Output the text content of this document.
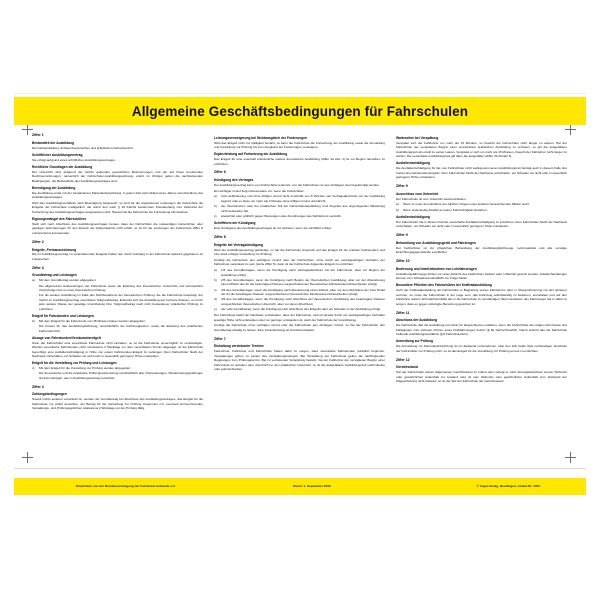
Allgemeine Geschäftsbedingungen für Fahrschulen
Ziffer 1
Bestandteil der Ausbildung

Die Fahrausbildung umfasst theoretischen und praktischen Fahrunterricht.

Schriftlicher Ausbildungsvertrag

Sie erfolgt aufgrund eines schriftlichen Ausbildungsvertrages.

Rechtliche Grundlagen der Ausbildung

Der Unterricht wird aufgrund der hierfür geltenden gesetzlichen Bestimmungen und der auf ihnen beruhenden Rechtsverordnungen, namentlich der Fahrschüler-Ausbildungsordnung, erteilt, im Übrigen gelten die nachstehenden Bedingungen, die Bestandteile des Ausbildungsvertrages sind.

Beendigung der Ausbildung

Die Ausbildung endet mit der bestandenen Fahrerlaubnisprüfung, in jedem Fall nach Ablauf eines Jahres seit Abschluss des Ausbildungsvertrages.

Wird das Ausbildungsverhältnis nach Beendigung fortgesetzt, so sind für die angebotenen Leistungen die Fahrschule die Entgelte der Fahrschule maßgeblich, die durch den nach § 19 FahrlG bestimmten Preisaushang zum Zeitpunkt der Fortsetzung des Ausbildungsvertrages ausgewiesen sind. Hierauf hat die Fahrschule bei Fortsetzung hinzuweisen.

Eignungsmängel des Fahrschülers

Stellt sich nach Abschluss des Ausbildungsvertrages heraus, dass der Fahrschüler die notwendigen körperlichen oder geistigen Anforderungen für den Erwerb der Fahrerlaubnis nicht erfüllt, so ist für die Leistungen der Fahrschule Ziffer 8 entsprechend anzuwenden.

Ziffer 2
Entgelte, Preisauszeichnung

Die im Ausbildungsvertrag zu vereinbarenden Entgelte haben den durch Aushang in der Fahrschule bekannt gegebenen zu entsprechen.

Ziffer 3
Grundbetrag und Leistungen
a)	Mit dem Grundbetrag werden abgegolten:
Die allgemeinen Aufwendungen der Fahrschule sowie die Erteilung des theoretischen Unterrichts und erforderliche Vorprüfungen bis zu einer theoretischen Prüfung.
Für die weitere Ausbildung im Falle des Nichtbestehens der theoretischen Prüfung, die die Fahrschule beantragt, der hierfür im Ausbildungsvertrag vereinbarte Teilgrundbetrag. Erstreckt sich die Ausbildung auf mehrere Klassen, so ist für jede weitere Klasse der jeweilige Grundbetrag bzw. Teilgrundbetrag nach nicht bestandener praktischer Prüfung zu entrichten.
Entgelt für Fahrstunden und Leistungen
b)	Mit dem Entgelt für die Fahrstunde von 45 Minuten Dauer werden abgegolten:
Die Kosten für das Ausbildungsfahrzeug, einschließlich der Fahrzeugkosten, sowie die Erteilung des praktischen Fahrunterrichts.
Absage von Fahrstunden/Versäumnisentgelt

Kann der Fahrschüler eine vereinbarte Fahrstunde nicht einhalten, so ist die Fahrschule unverzüglich zu verständigen. Werden vereinbarte Fahrstunden nicht mindestens 2 Werktage vor dem vereinbarten Termin abgesagt, ist die Fahrschule berechtigt, eine Ausfallentschädigung in Höhe von einem Fahrstunden-Entgelt zu verlangen. Dem Fahrschüler bleibt der Nachweis vorbehalten, ein Schaden sei nicht oder in wesentlich geringerer Höhe entstanden.

Entgelt für die Vorstellung zur Prüfung und Leistungen
c)	Mit dem Entgelt für die Vorstellung zur Prüfung werden abgegolten:
Die theoretische und die praktische Prüfungsvorbereitung einschließlich aller Vorbereitungen. Wiederholungsprüfungen sind dem Entgelt, wie im Ausbildungsvertrag vereinbart.
Ziffer 4
Zahlungsbedingungen

Soweit nichts anderes vereinbart ist, werden der Grundbetrag bei Abschluss des Ausbildungsvertrages, das Entgelt für die Fahrstunde vor Antritt derselben, der Betrag für die Vorstellung zur Prüfung zusammen mit, eventuell anzurechnenden Verwaltungs- und Prüfungsgebühren spätestens 2 Werktage vor der Prüfung fällig.

Leistungsverweigerung bei Nichtausgleich der Forderungen

Wird das Entgelt nicht zur Fälligkeit bezahlt, so kann die Fahrschule die Fortsetzung der Ausbildung sowie die Anmeldung und Vorstellung zur Prüfung bis zum Ausgleich der Forderungen verweigern.

Ergänzleistung auf Fortsetzung der Ausbildung

Das Entgelt für eine eventuell erforderliche weitere theoretische Ausbildung (Ziffer 3a Abs. 2) ist vor Beginn derselben zu entrichten.

Ziffer 6
Kündigung des Vertrages

Der Ausbildungsvertrag kann vom Fahrschüler jederzeit, von der Fahrschule nur aus wichtigem Grund gekündigt werden.

Ein wichtiger Grund liegt insbesondere vor, wenn der Fahrschüler:

a)	trotz Aufforderung und ohne triftigen Grund nicht innerhalb von 8 Wochen seit Vertragsabschluss mit der Ausbildung beginnt oder er diese um mehr als 3 Monate ohne triftigen Grund unterbricht,
b)	der theoretischen oder der praktischen Teil der Fahrschülerausbildung trotz Angebot aus ungenügender Mitwirkung nicht bestanden hat,
c)	wiederholt oder gröblich gegen Weisungen oder Anordnungen des Fahrlehrers verstößt.
Schriftform der Kündigung

Eine Kündigung des Ausbildungsvertrages ist nur wirksam, wenn sie schriftlich erfolgt.

Ziffer 8
Entgelte bei Vertragskündigung

Wird der Ausbildungsvertrag gekündigt, so hat die Fahrschule Anspruch auf das Entgelt für die erteilten Fahrstunden und eine etwa erfolgte Vorstellung zur Prüfung.

Kündigt die Fahrschule aus wichtigem Grund oder der Fahrschüler, ohne durch ein vertragswidriges Verhalten der Fahrschule veranlasst zu sein (siehe Ziffer 5), dann ist der Fahrschule folgendes Entgelt zu entrichten:

a)	1/5 des Grundbetrages, wenn die Kündigung nach Vertragsabschluss mit der Fahrschule, aber vor Beginn der Ausbildung erfolgt;
b)	2/5 des Grundbetrages, wenn die Kündigung nach Beginn der theoretischen Ausbildung, aber vor der Absolvierung eines Drittels des für die beantragten Klassen vorgeschriebenen theoretischen Mindestunterrichtseinheiten erfolgt;
c)	3/5 des Grundbetrages, wenn die Kündigung nach Absolvierung eines Drittels, aber vor dem Abschluss der zwei Drittel der für die beantragten Klassen vorgeschriebenen theoretischen Mindestunterrichtseinheiten erfolgt;
d)	4/5 des Grundbetrages, wenn die Kündigung nach Abschluss der theoretischen Ausbildung des beantragten Klassen vorgeschrieben theoretischen Unterricht, aber vor deren Abschluss;
e)	der volle Grundbetrag, wenn die Kündigung nach Abschluss des Entgelts oder ein Schaden in der Ausbildung erfolgt.

Der Fahrschule bleibt der Nachweis vorbehalten, dass der Fahrschule, weil ein Ersatz durch ein vertragswidriges Verhalten jeweilige Höhe nicht entstanden oder nur geringer entstanden ist, steht der Fahrschule der Grundbetrag.

Kündigt die Fahrschule ohne wichtigen Grund oder der Fahrschüler aus wichtigem Grund, so hat der Fahrschüler den Grundbetrag anteilig zu leisten. Eine Vorausleistung ist zurückzuerstatten.

Ziffer 7
Einhaltung vereinbarter Termine

Fahrschule, Fahrlehrer und Fahrschüler haben dafür zu sorgen, dass vereinbarte Fahrstunden pünktlich beginnen. Verspätungen gehen zu Lasten des Verspätungsmangels. Bei Verspätung der Fahrschule gelten die nachfolgenden Regelungen zum Prüfungstermin. Bei zu vertretender Verspätung besteht, hat der Fahrlehrer der verspäteten Beginn einer Fahrstunde zu verteilen oder unterbricht er den praktischen Unterricht, so ist die ausgefallene Ausbildungszeit nachzuholen oder gutzuschreiben.

Wartezeiten bei Verspätung

Verspätet sich der Fahrlehrer um mehr als 15 Minuten, so braucht der Fahrschüler nicht länger zu warten. Hat der Fahrschüler der verspäteten Beginn einer vereinbarten praktischen Ausbildung zu vertreten, so gilt die ausgefallene Ausbildungszeit als erteilt zu seiner Lasten. Verspätet er sich um mehr als 15 Minuten, braucht der Fahrlehrer nicht länger zu warten. Die vereinbarte Ausbildungszeit gilt dann als ausgefallen (Ziffer 3b Absatz 3).

Ausfallentschädigung

Die Ausfallentschädigung für die vom Fahrschüler nicht wahrgenommenen Ausbildungszeit beträgt auch in diesem Falle drei Viertel des Fahrstundenentgelts. Dem Fahrschüler bleibt der Nachweis vorbehalten, ein Schaden sei nicht oder in wesentlich geringerer Höhe entstanden.

Ziffer 9
Ausschluss vom Unterricht

Der Fahrschüler ist vom Unterricht auszuschließen:

a)	Wenn er unter dem Einfluss von Alkohol, Drogen oder anderen berauschenden Mitteln steht;
b)	Wenn anderweitig Zweifel an seiner Fahrtüchtigkeit bestehen.
Ausfallentschädigung

Der Fahrschüler hat in diesem Fall die vereinbarte Ausfallentschädigung zu entrichten. Dem Fahrschüler bleibt der Nachweis vorbehalten, ein Schaden sei nicht oder in wesentlich geringerer Höhe entstanden.

Ziffer 9
Behandlung von Ausbildungsgerät und Fahrzeugen

Der Fahrschüler ist zur pfleglichen Behandlung der Ausbildungsfahrzeuge, Lehrmaterials und alle sonstige Einrichtungsgegenstände verpflichtet.

Ziffer 10
Bedienung und Inbetriebnahme von Lehrfahrzeugen

Ausbildungsfahrzeuge dürfen nur unter Aufsicht des Fahrlehrers bedient oder in Betrieb gesetzt werden. Zuwiderhandlungen können zum Schadensersatzpflicht zur Folge haben.

Besondere Pflichten des Fahrschülers bei Kraftradausbildung

Geht der Kraftradausbildung der Fahrschüler in Begleitung seines Fahrlehrers oder in Übereinstimmung mit den letzteren verloren, so muss der Fahrschüler in der Lage sein, das Fahrzeug selbstständig zu bedienen, anzuhalten und auf den Fahrlehrer warten. Erforderlichenfalls hat er die Fahrschule zu verständigen. Beim Verlassen des Fahrzeuges hat er dafür zu sorgen, dass es gegen unbefugte Benutzung gesichert ist.

Ziffer 11
Abschluss der Ausbildung

Die Fahrschule darf die Ausbildung erst dann für abgeschlossen erklären, wenn der Fahrschüler die nötigen Kenntnisse und Fähigkeiten zum sicheren Führen eines Kraftfahrzeuges besitzt (§ 5a FahrschAusbO). Damit erlischt das die Fahrschule treffende Ausbildungsverhältnis (§ 6 FahrschAusbO).

Anmeldung zur Prüfung

Die Anmeldung zur Fahrerlaubnisprüfung ist ein Zeitpunkt vorzunehmen, über den sich beide Teile verständigen. Erscheint der Fahrschüler zur Prüfung nicht, so ist das Entgelt für die Vorstellung zur Prüfung erneut zu entrichten.

Ziffer 12
Gerichtsstand

Hat der Fahrschüler keinen allgemeinen Gerichtsstand im Inland oder verlegt er nach Vertragsabschluss seinen Wohnsitz oder gewöhnlichen Aufenthalt ins Ausland oder ist sein Wohnsitz oder gewöhnlicher Aufenthalt zum Zeitpunkt der Klageerhebung nicht bekannt, so ist der Sitz der Fahrschule der Gerichtsstand.

Empfohlen von der Bundesvereinigung der Fahrlehrerverbände e.V.	Stand: 1. September 2008	© Vogel-Verlag, Reutlingen, Artikel-Nr. 1053
